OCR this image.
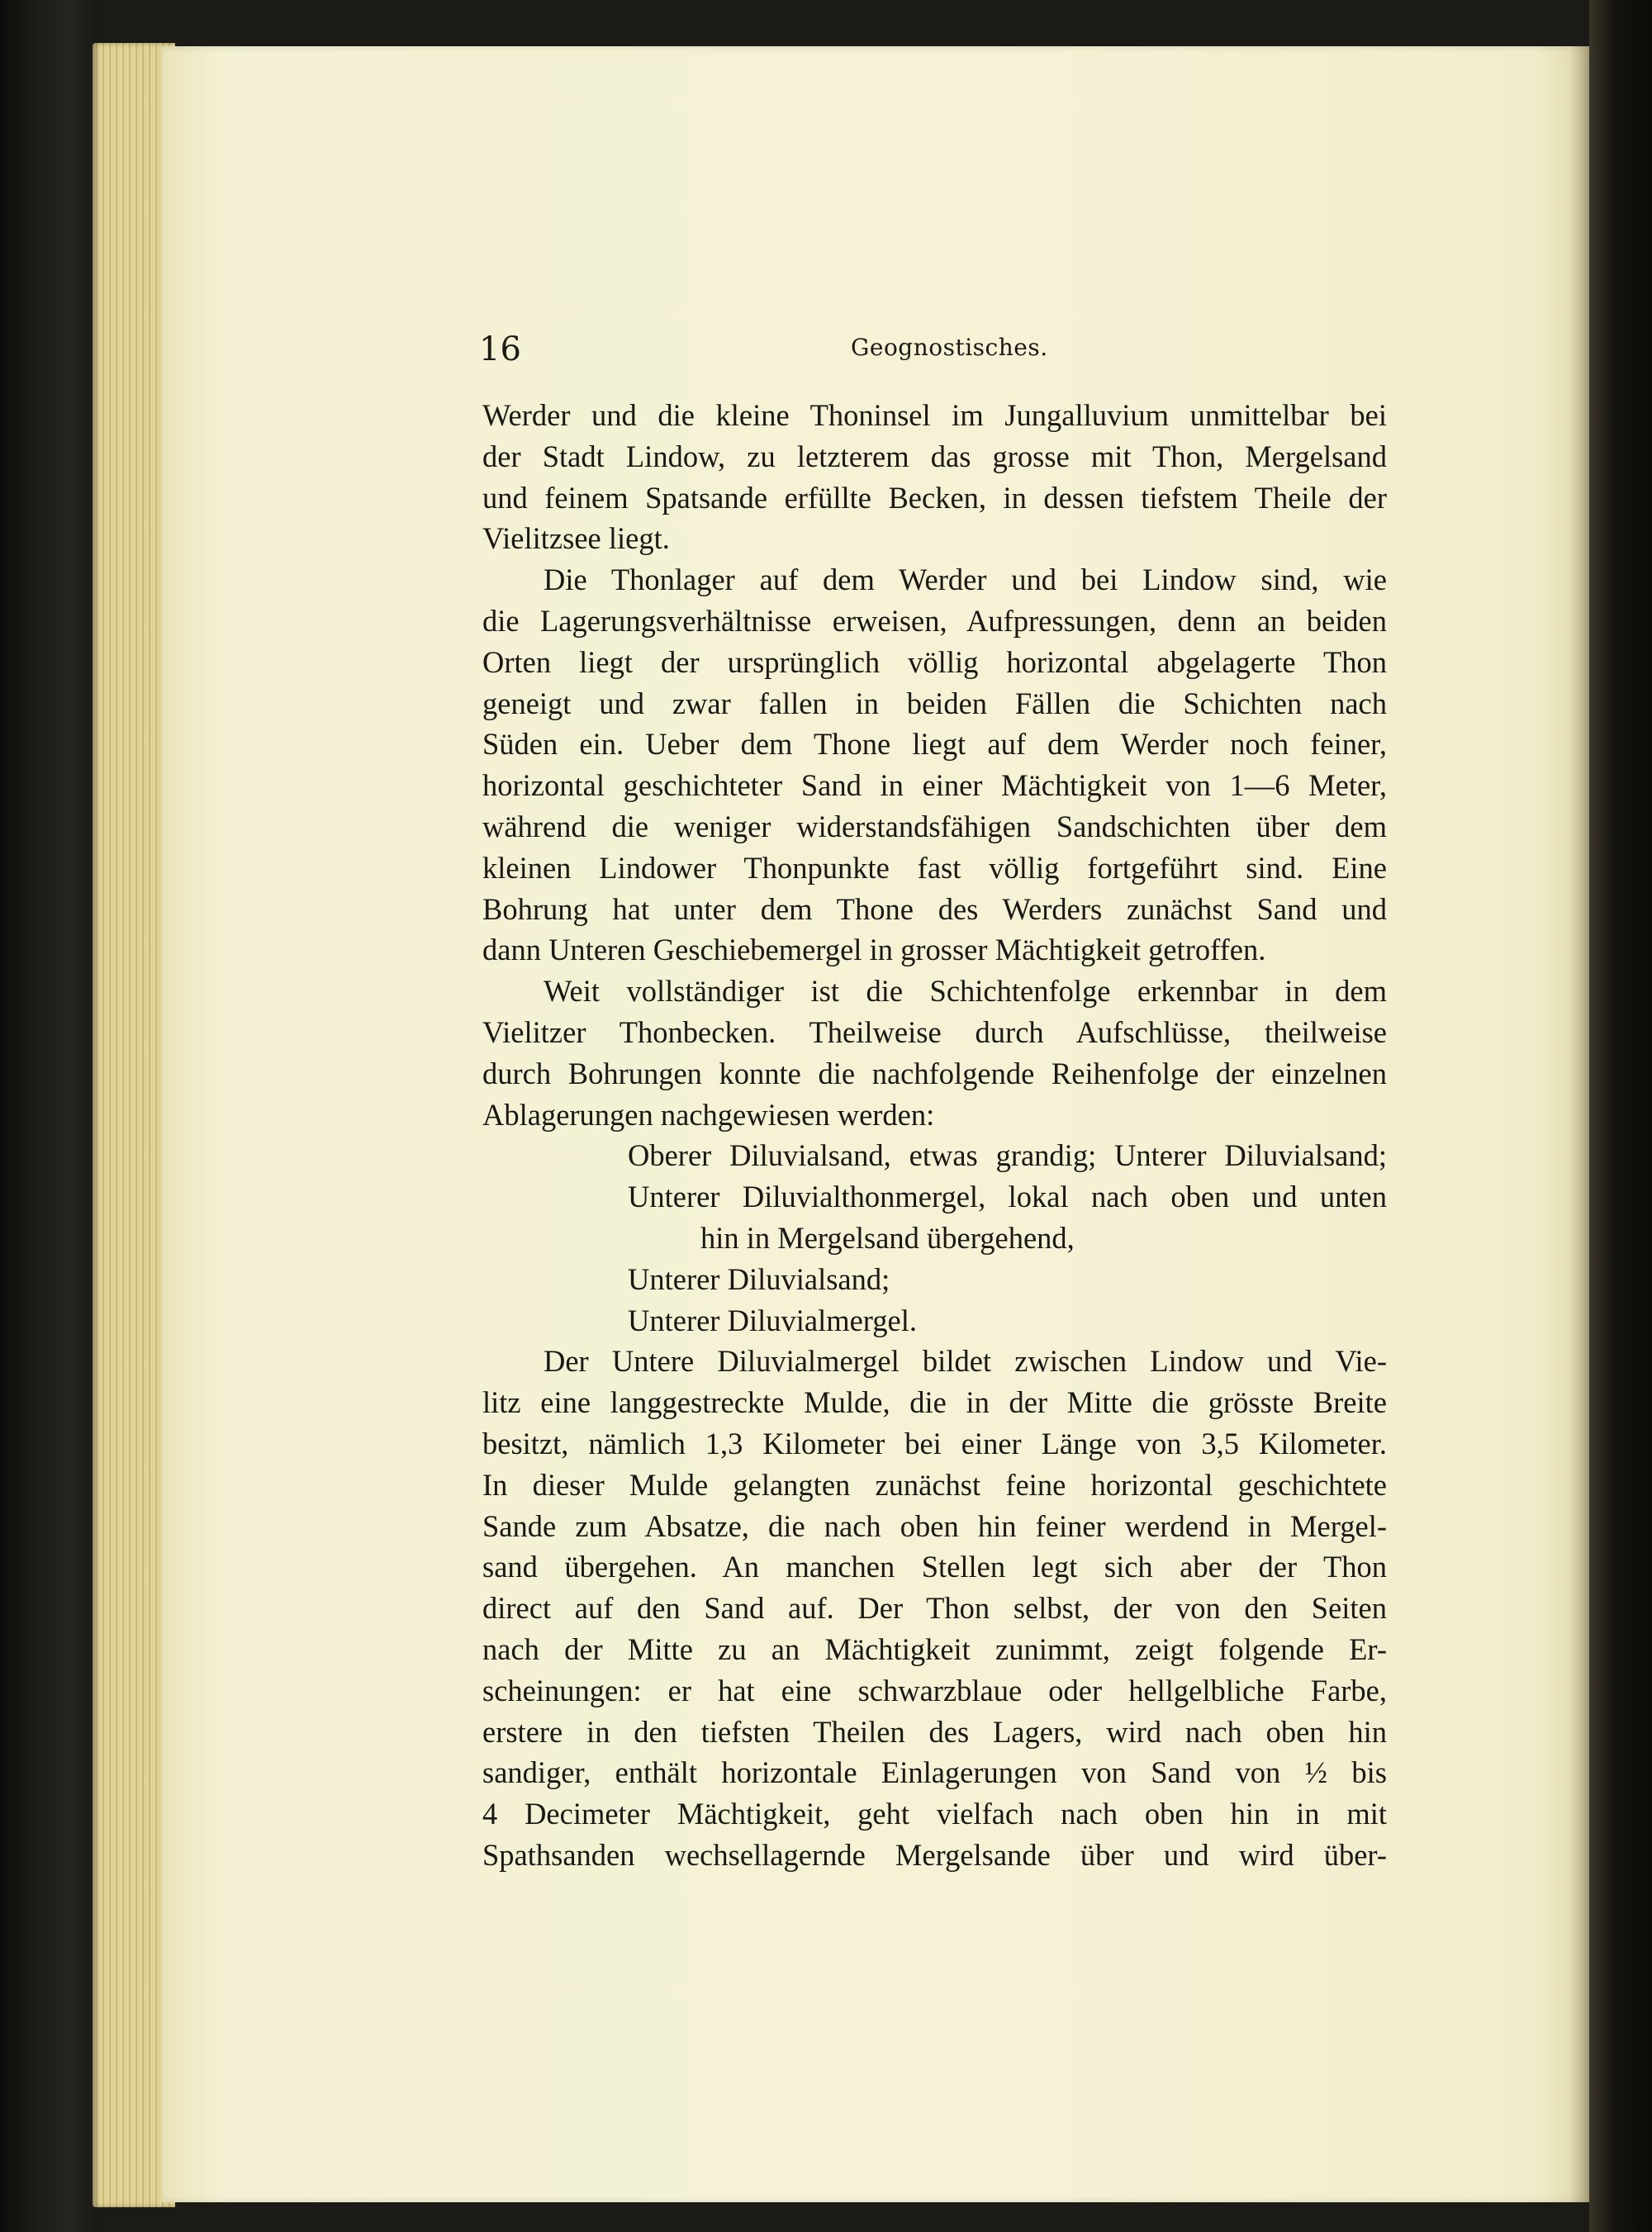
16	Geognostisches.
Werder und die kleine Thoninsel im Jungalluvium unmittelbar bei
der Stadt Lindow, zu letzterem das grosse mit Thon, Mergelsand
und feinem Spatsande erfüllte Becken, in dessen tiefstem Theile der
Vielitzsee liegt.
Die Thonlager auf dem Werder und bei Lindow sind, wie
die Lagerungsverhältnisse erweisen, Aufpressungen, denn an beiden
Orten liegt der ursprünglich völlig horizontal abgelagerte Thon
geneigt und zwar fallen in beiden Fällen die Schichten nach
Süden ein. Ueber dem Thone liegt auf dem Werder noch feiner,
horizontal geschichteter Sand in einer Mächtigkeit von 1—6 Meter,
während die weniger widerstandsfähigen Sandschichten über dem
kleinen Lindower Thonpunkte fast völlig fortgeführt sind. Eine
Bohrung hat unter dem Thone des Werders zunächst Sand und
dann Unteren Geschiebemergel in grosser Mächtigkeit getroffen.
Weit vollständiger ist die Schichtenfolge erkennbar in dem
Vielitzer Thonbecken. Theilweise durch Aufschlüsse, theilweise
durch Bohrungen konnte die nachfolgende Reihenfolge der einzelnen
Ablagerungen nachgewiesen werden:
Oberer Diluvialsand, etwas grandig; Unterer Diluvialsand;
Unterer Diluvialthonmergel, lokal nach oben und unten
hin in Mergelsand übergehend,
Unterer Diluvialsand;
Unterer Diluvialmergel.
Der Untere Diluvialmergel bildet zwischen Lindow und Vie-
litz eine langgestreckte Mulde, die in der Mitte die grösste Breite
besitzt, nämlich 1,3 Kilometer bei einer Länge von 3,5 Kilometer.
In dieser Mulde gelangten zunächst feine horizontal geschichtete
Sande zum Absatze, die nach oben hin feiner werdend in Mergel-
sand übergehen. An manchen Stellen legt sich aber der Thon
direct auf den Sand auf. Der Thon selbst, der von den Seiten
nach der Mitte zu an Mächtigkeit zunimmt, zeigt folgende Er-
scheinungen: er hat eine schwarzblaue oder hellgelbliche Farbe,
erstere in den tiefsten Theilen des Lagers, wird nach oben hin
sandiger, enthält horizontale Einlagerungen von Sand von ½ bis
4 Decimeter Mächtigkeit, geht vielfach nach oben hin in mit
Spathsanden wechsellagernde Mergelsande über und wird über-
